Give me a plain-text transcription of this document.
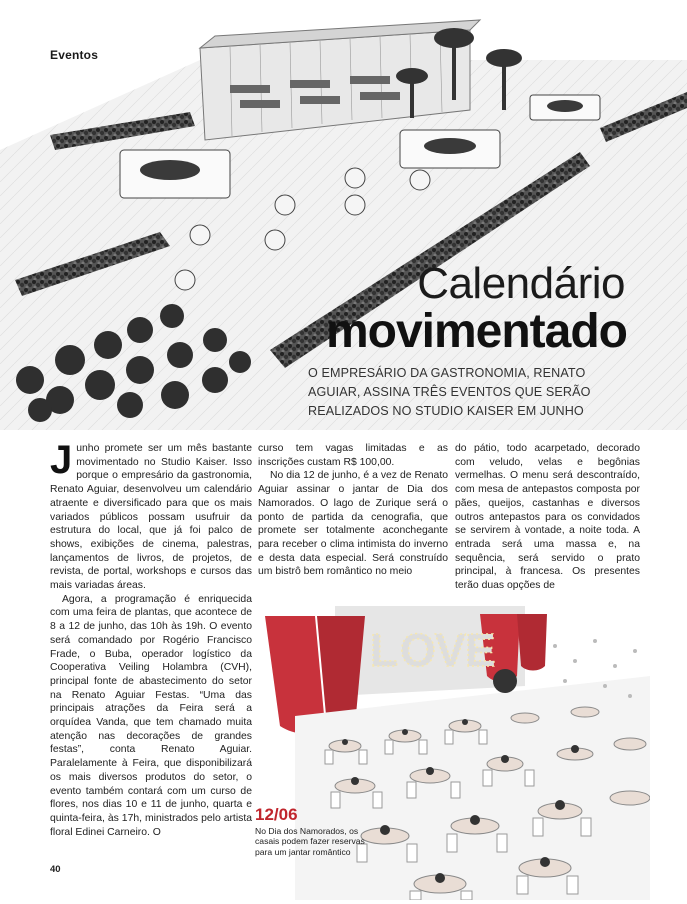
Eventos
Calendário
movimentado
O EMPRESÁRIO DA GASTRONOMIA, RENATO AGUIAR, ASSINA TRÊS EVENTOS QUE SERÃO REALIZADOS NO STUDIO KAISER EM JUNHO

Junho promete ser um mês bastante movimentado no Studio Kaiser. Isso porque o empresário da gastronomia, Renato Aguiar, desenvolveu um calendário atraente e diversificado para que os mais variados públicos possam usufruir da estrutura do local, que já foi palco de shows, exibições de cinema, palestras, lançamentos de livros, de projetos, de revista, de portal, workshops e cursos das mais variadas áreas.

Agora, a programação é enriquecida com uma feira de plantas, que acontece de 8 a 12 de junho, das 10h às 19h. O evento será comandado por Rogério Francisco Frade, o Buba, operador logístico da Cooperativa Veiling Holambra (CVH), principal fonte de abastecimento do setor na Renato Aguiar Festas. “Uma das principais atrações da Feira será a orquídea Vanda, que tem chamado muita atenção nas decorações de grandes festas”, conta Renato Aguiar. Paralelamente à Feira, que disponibilizará os mais diversos produtos do setor, o evento também contará com um curso de flores, nos dias 10 e 11 de junho, quarta e quinta-feira, às 17h, ministrados pelo artista floral Edinei Carneiro. O

curso tem vagas limitadas e as inscrições custam R$ 100,00.

No dia 12 de junho, é a vez de Renato Aguiar assinar o jantar de Dia dos Namorados. O lago de Zurique será o ponto de partida da cenografia, que promete ser totalmente aconchegante para receber o clima intimista do inverno e desta data especial. Será construído um bistrô bem romântico no meio

do pátio, todo acarpetado, decorado com veludo, velas e begônias vermelhas. O menu será descontraído, com mesa de antepastos composta por pães, queijos, castanhas e diversos outros antepastos para os convidados se servirem à vontade, a noite toda. A entrada será uma massa e, na sequência, será servido o prato principal, à francesa. Os presentes terão duas opções de

L O V E
12/06
No Dia dos Namorados, os casais podem fazer reservas para um jantar romântico
40
